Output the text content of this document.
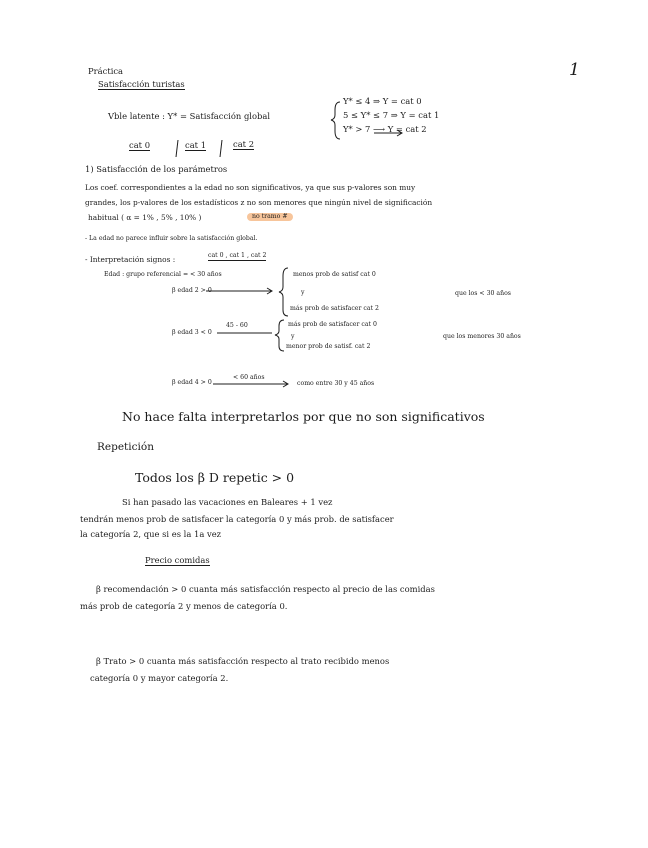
1
Práctica
Satisfacción turistas
Vble latente : Y* = Satisfacción global
Y* ≤ 4 ⇒ Y = cat 0
5 ≤ Y* ≤ 7 ⇒ Y = cat 1
Y* > 7 ⟶ Y = cat 2
cat 0	cat 1	cat 2
1) Satisfacción de los parámetros
Los coef. correspondientes a la edad no son significativos, ya que sus p-valores son muy
grandes, los p-valores de los estadísticos z no son menores que ningún nivel de significación
habitual ( α = 1% , 5% , 10% )	no tramo #
- La edad no parece influir sobre la satisfacción global.
- Interpretación signos :	cat 0 , cat 1 , cat 2
Edad : grupo referencial = < 30 años
β edad 2 > 0
menos prob de satisf cat 0
y
más prob de satisfacer cat 2
que los < 30 años
β edad 3 < 0
45 - 60	más prob de satisfacer cat 0
y
menor prob de satisf. cat 2
que los menores 30 años
β edad 4 > 0
< 60 años
como entre 30 y 45 años
No hace falta interpretarlos por que no son significativos
Repetición
Todos los β D repetic > 0
Si han pasado las vacaciones en Baleares + 1 vez
tendrán menos prob de satisfacer la categoría 0 y más prob. de satisfacer
la categoría 2, que si es la 1a vez
Precio comidas
β recomendación > 0 cuanta más satisfacción respecto al precio de las comidas
más prob de categoría 2 y menos de categoría 0.
β Trato > 0 cuanta más satisfacción respecto al trato recibido menos
categoría 0 y mayor categoría 2.
